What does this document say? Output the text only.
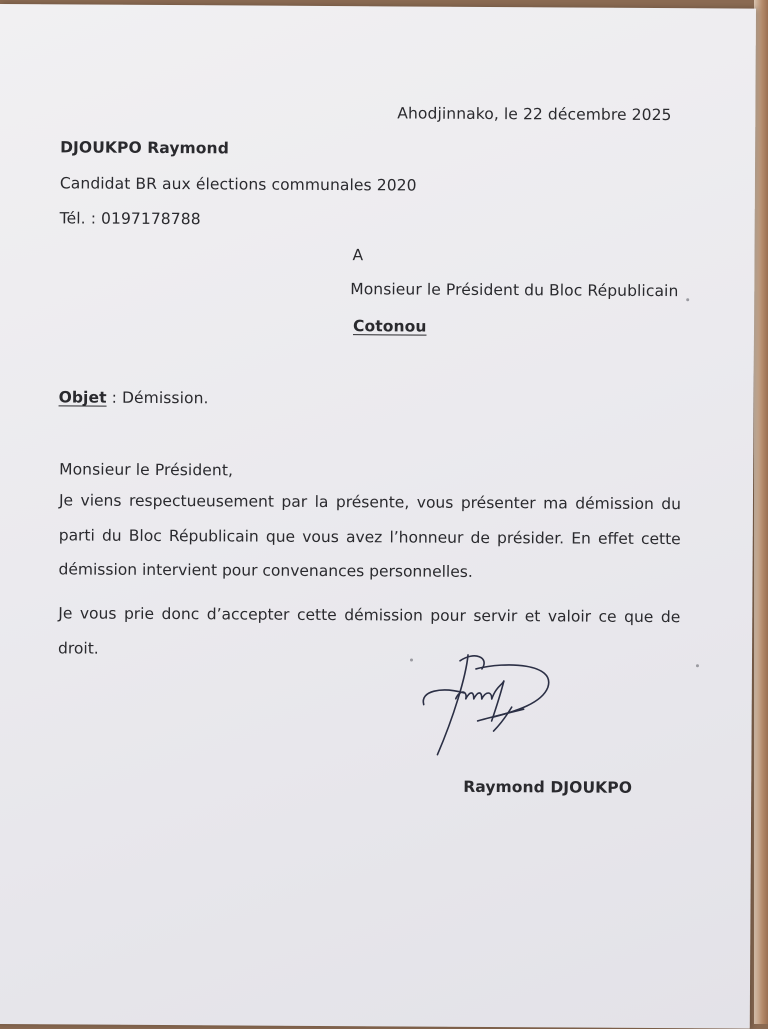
Ahodjinnako, le 22 décembre 2025
DJOUKPO Raymond
Candidat BR aux élections communales 2020
Tél. : 0197178788
A
Monsieur le Président du Bloc Républicain
Cotonou
Objet : Démission.
Monsieur le Président,
Je viens respectueusement par la présente, vous présenter ma démission du parti du Bloc Républicain que vous avez l’honneur de présider. En effet cette démission intervient pour convenances personnelles.
Je vous prie donc d’accepter cette démission pour servir et valoir ce que de droit.
Raymond DJOUKPO
